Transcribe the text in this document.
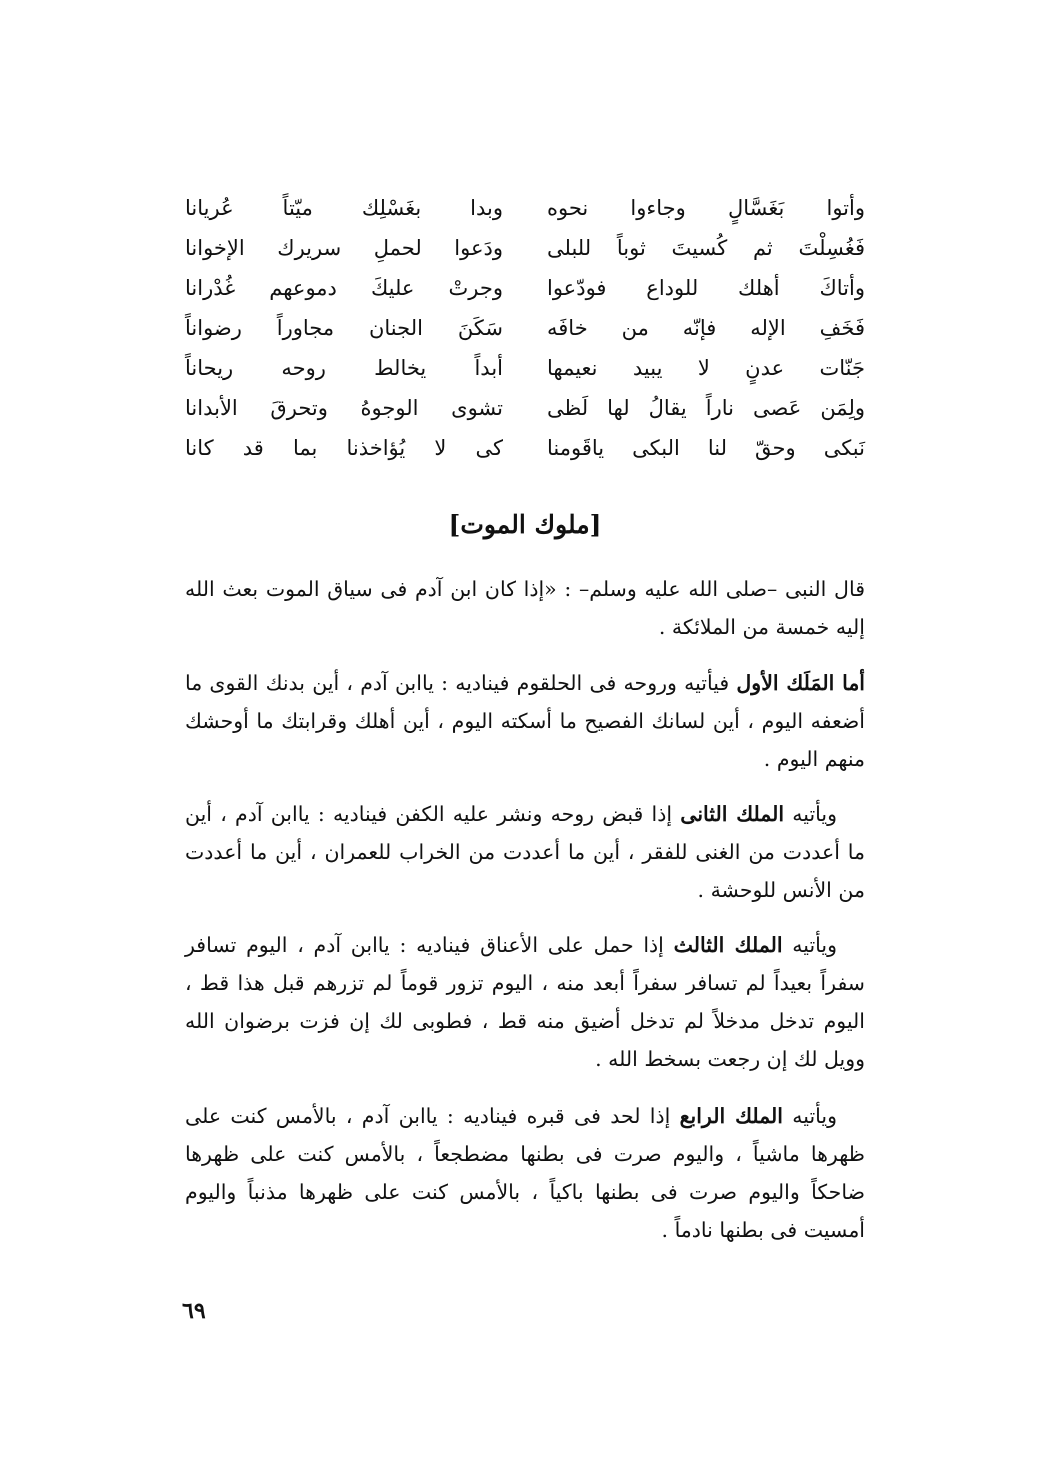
وأتوا بَغَسَّالٍ وجاءوا نحوه
وبدا بغَسْلِك ميّتاً عُريانا
فَغُسِلْتَ ثم كُسيتَ ثوباً للبلى
ودَعوا لحملِ سريرك الإخوانا
وأتاكَ أهلك للوداع فودّعوا
وجرتْ عليكَ دموعهم غُدْرانا
فَخَفِ الإله فإنّه من خافَه
سَكَنَ الجنان مجاوراً رضواناً
جَنّات عدنٍ لا يبيد نعيمها
أبداً يخالط روحه ريحاناً
ولِمَن عَصى ناراً يقالُ لها لَظى
تشوى الوجوهُ وتحرقَ الأبدانا
نَبكى وحقّ لنا البكى ياقَومنا
كى لا يُؤاخذنا بما قد كانا
[ملوك الموت]

قال النبى –صلى الله عليه وسلم– : «إذا كان ابن آدم فى سياق الموت بعث الله إليه خمسة من الملائكة .

أما المَلَك الأول فيأتيه وروحه فى الحلقوم فيناديه : ياابن آدم ، أين بدنك القوى ما أضعفه اليوم ، أين لسانك الفصيح ما أسكته اليوم ، أين أهلك وقرابتك ما أوحشك منهم اليوم .

ويأتيه الملك الثانى إذا قبض روحه ونشر عليه الكفن فيناديه : ياابن آدم ، أين ما أعددت من الغنى للفقر ، أين ما أعددت من الخراب للعمران ، أين ما أعددت من الأنس للوحشة .

ويأتيه الملك الثالث إذا حمل على الأعناق فيناديه : ياابن آدم ، اليوم تسافر سفراً بعيداً لم تسافر سفراً أبعد منه ، اليوم تزور قوماً لم تزرهم قبل هذا قط ، اليوم تدخل مدخلاً لم تدخل أضيق منه قط ، فطوبى لك إن فزت برضوان الله وويل لك إن رجعت بسخط الله .

ويأتيه الملك الرابع إذا لحد فى قبره فيناديه : ياابن آدم ، بالأمس كنت على ظهرها ماشياً ، واليوم صرت فى بطنها مضطجعاً ، بالأمس كنت على ظهرها ضاحكاً واليوم صرت فى بطنها باكياً ، بالأمس كنت على ظهرها مذنباً واليوم أمسيت فى بطنها نادماً .

٦٩
